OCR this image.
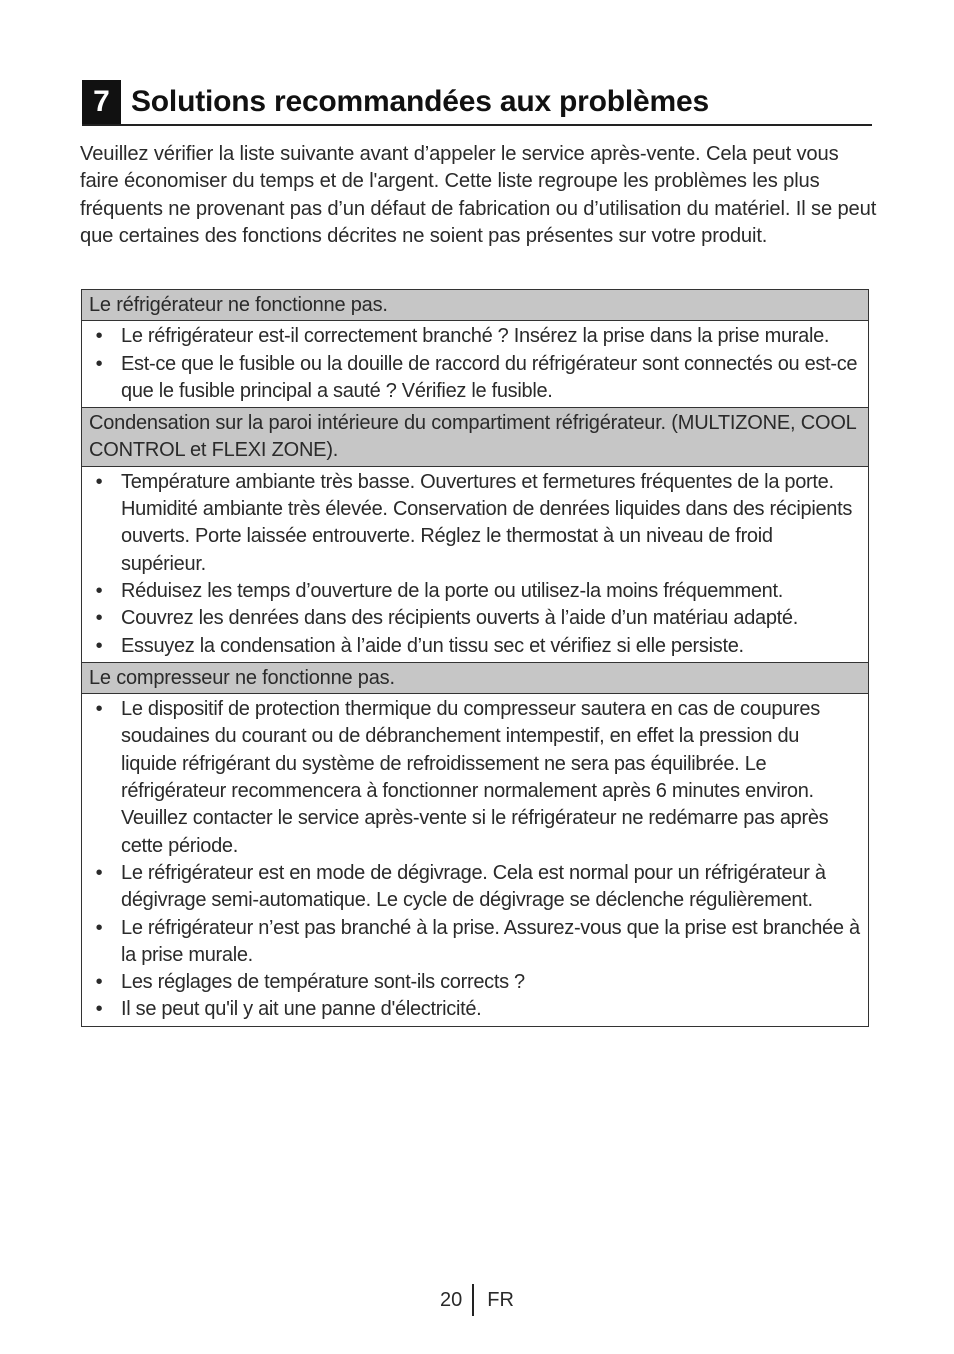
7 Solutions recommandées aux problèmes

Veuillez vérifier la liste suivante avant d’appeler le service après-vente. Cela peut vous faire économiser du temps et de l'argent. Cette liste regroupe les problèmes les plus fréquents ne provenant pas d’un défaut de fabrication ou d’utilisation du matériel. Il se peut que certaines des fonctions décrites ne soient pas présentes sur votre produit.

Le réfrigérateur ne fonctionne pas.
• Le réfrigérateur est-il correctement branché ? Insérez la prise dans la prise murale.
• Est-ce que le fusible ou la douille de raccord du réfrigérateur sont connectés ou est-ce que le fusible principal a sauté ? Vérifiez le fusible.
Condensation sur la paroi intérieure du compartiment réfrigérateur. (MULTIZONE, COOL CONTROL et FLEXI ZONE).
• Température ambiante très basse. Ouvertures et fermetures fréquentes de la porte. Humidité ambiante très élevée. Conservation de denrées liquides dans des récipients ouverts. Porte laissée entrouverte. Réglez le thermostat à un niveau de froid supérieur.
• Réduisez les temps d’ouverture de la porte ou utilisez-la moins fréquemment.
• Couvrez les denrées dans des récipients ouverts à l’aide d’un matériau adapté.
• Essuyez la condensation à l’aide d’un tissu sec et vérifiez si elle persiste.
Le compresseur ne fonctionne pas.
• Le dispositif de protection thermique du compresseur sautera en cas de coupures soudaines du courant ou de débranchement intempestif, en effet la pression du liquide réfrigérant du système de refroidissement ne sera pas équilibrée. Le réfrigérateur recommencera à fonctionner normalement après 6 minutes environ. Veuillez contacter le service après-vente si le réfrigérateur ne redémarre pas après cette période.
• Le réfrigérateur est en mode de dégivrage. Cela est normal pour un réfrigérateur à dégivrage semi-automatique. Le cycle de dégivrage se déclenche régulièrement.
• Le réfrigérateur n’est pas branché à la prise. Assurez-vous que la prise est branchée à la prise murale.
• Les réglages de température sont-ils corrects ?
• Il se peut qu'il y ait une panne d'électricité.
20	FR
